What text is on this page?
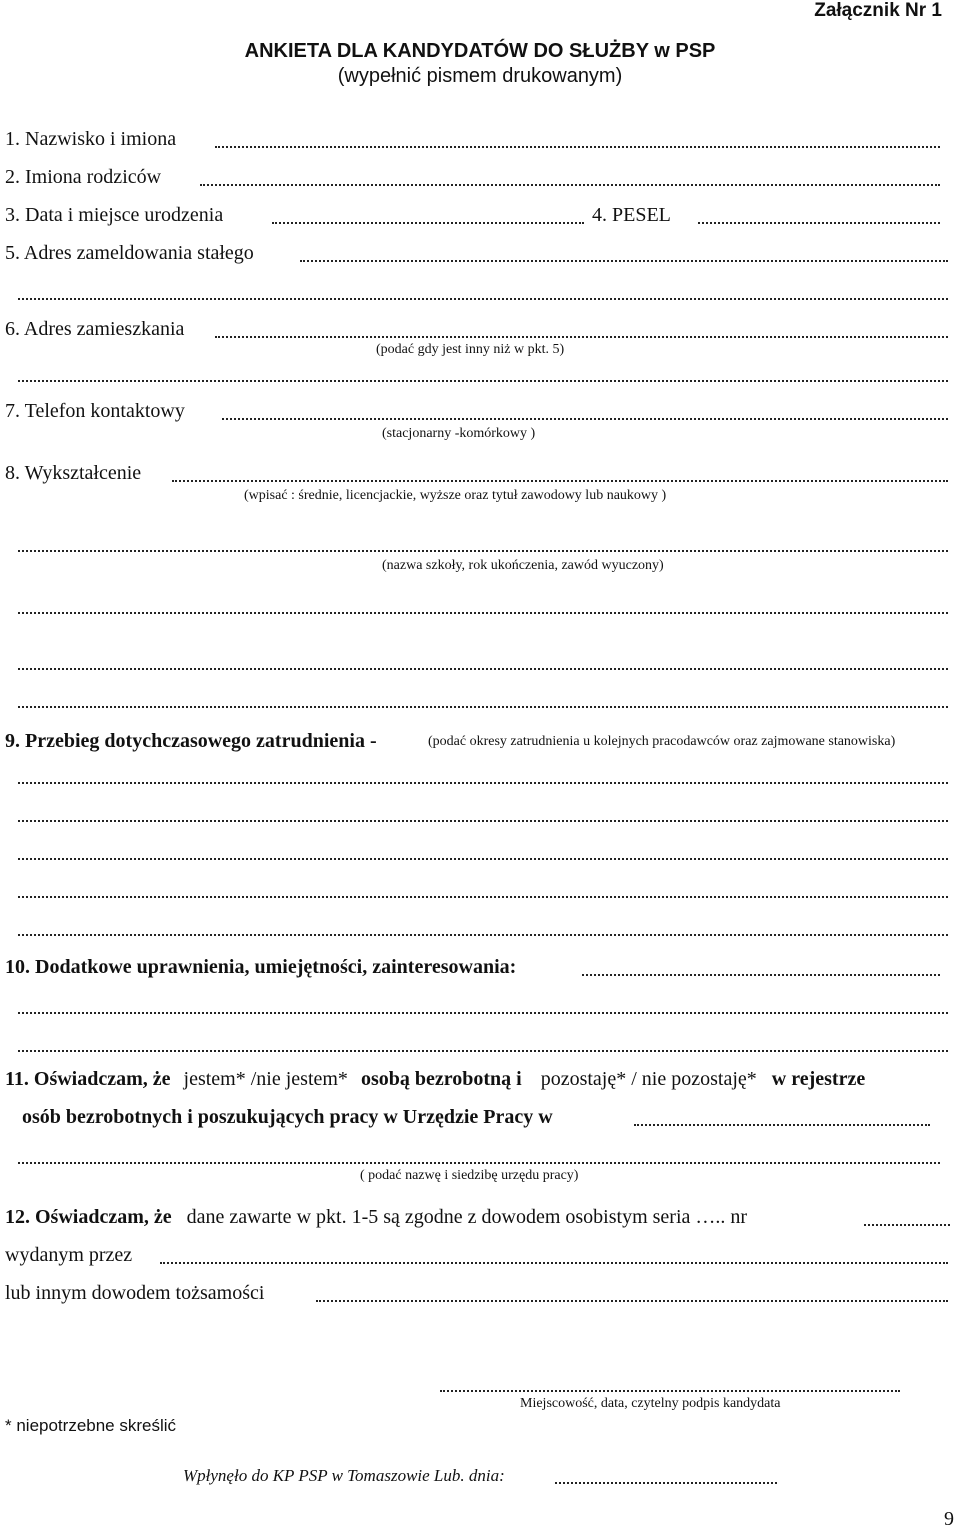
Załącznik Nr 1
ANKIETA DLA KANDYDATÓW DO SŁUŻBY w PSP
(wypełnić pismem drukowanym)
1. Nazwisko i imiona
2. Imiona rodziców
3. Data i miejsce urodzenia	4. PESEL
5. Adres zameldowania stałego
6. Adres zamieszkania
(podać gdy jest inny niż w pkt. 5)
7. Telefon kontaktowy
(stacjonarny -komórkowy )
8. Wykształcenie
(wpisać : średnie, licencjackie, wyższe oraz tytuł zawodowy lub naukowy )
(nazwa szkoły, rok ukończenia, zawód wyuczony)
9. Przebieg dotychczasowego zatrudnienia -	(podać okresy zatrudnienia u kolejnych pracodawców oraz zajmowane stanowiska)
10. Dodatkowe uprawnienia, umiejętności, zainteresowania:
11. Oświadczam, że jestem* /nie jestem* osobą bezrobotną i pozostaję* / nie pozostaję* w rejestrze
osób bezrobotnych i poszukujących pracy w Urzędzie Pracy w
( podać nazwę i siedzibę urzędu pracy)
12. Oświadczam, że dane zawarte w pkt. 1-5 są zgodne z dowodem osobistym seria ….. nr
wydanym przez
lub innym dowodem tożsamości
Miejscowość, data, czytelny podpis kandydata
* niepotrzebne skreślić
Wpłynęło do KP PSP w Tomaszowie Lub. dnia:
9
